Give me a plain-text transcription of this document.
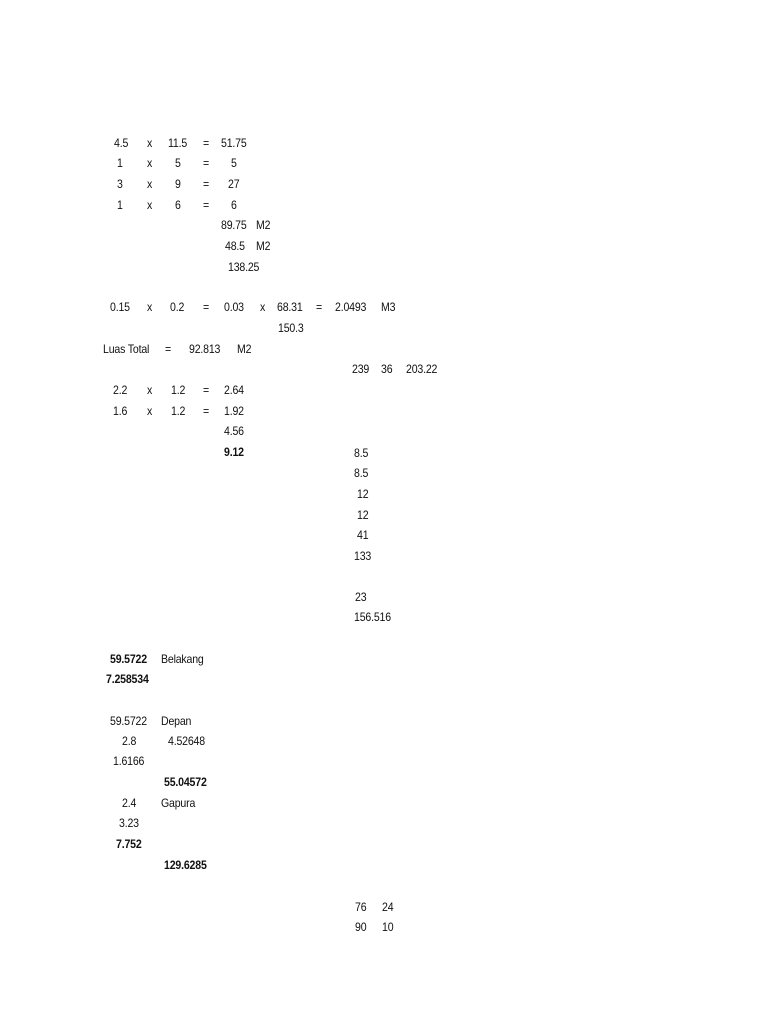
4.5 x 11.5 = 51.75
1 x 5 = 5
3 x 9 = 27
1 x 6 = 6
89.75 M2
48.5 M2
138.25
0.15 x 0.2 = 0.03 x 68.31 = 2.0493 M3
150.3
Luas Total = 92.813 M2
239 36 203.22
2.2 x 1.2 = 2.64
1.6 x 1.2 = 1.92
4.56
9.12	8.5
8.5
12
12
41
133
23
156.516
59.5722 Belakang
7.258534
59.5722 Depan
2.8	4.52648
1.6166
55.04572
2.4 Gapura
3.23
7.752
129.6285
76 24
90 10
